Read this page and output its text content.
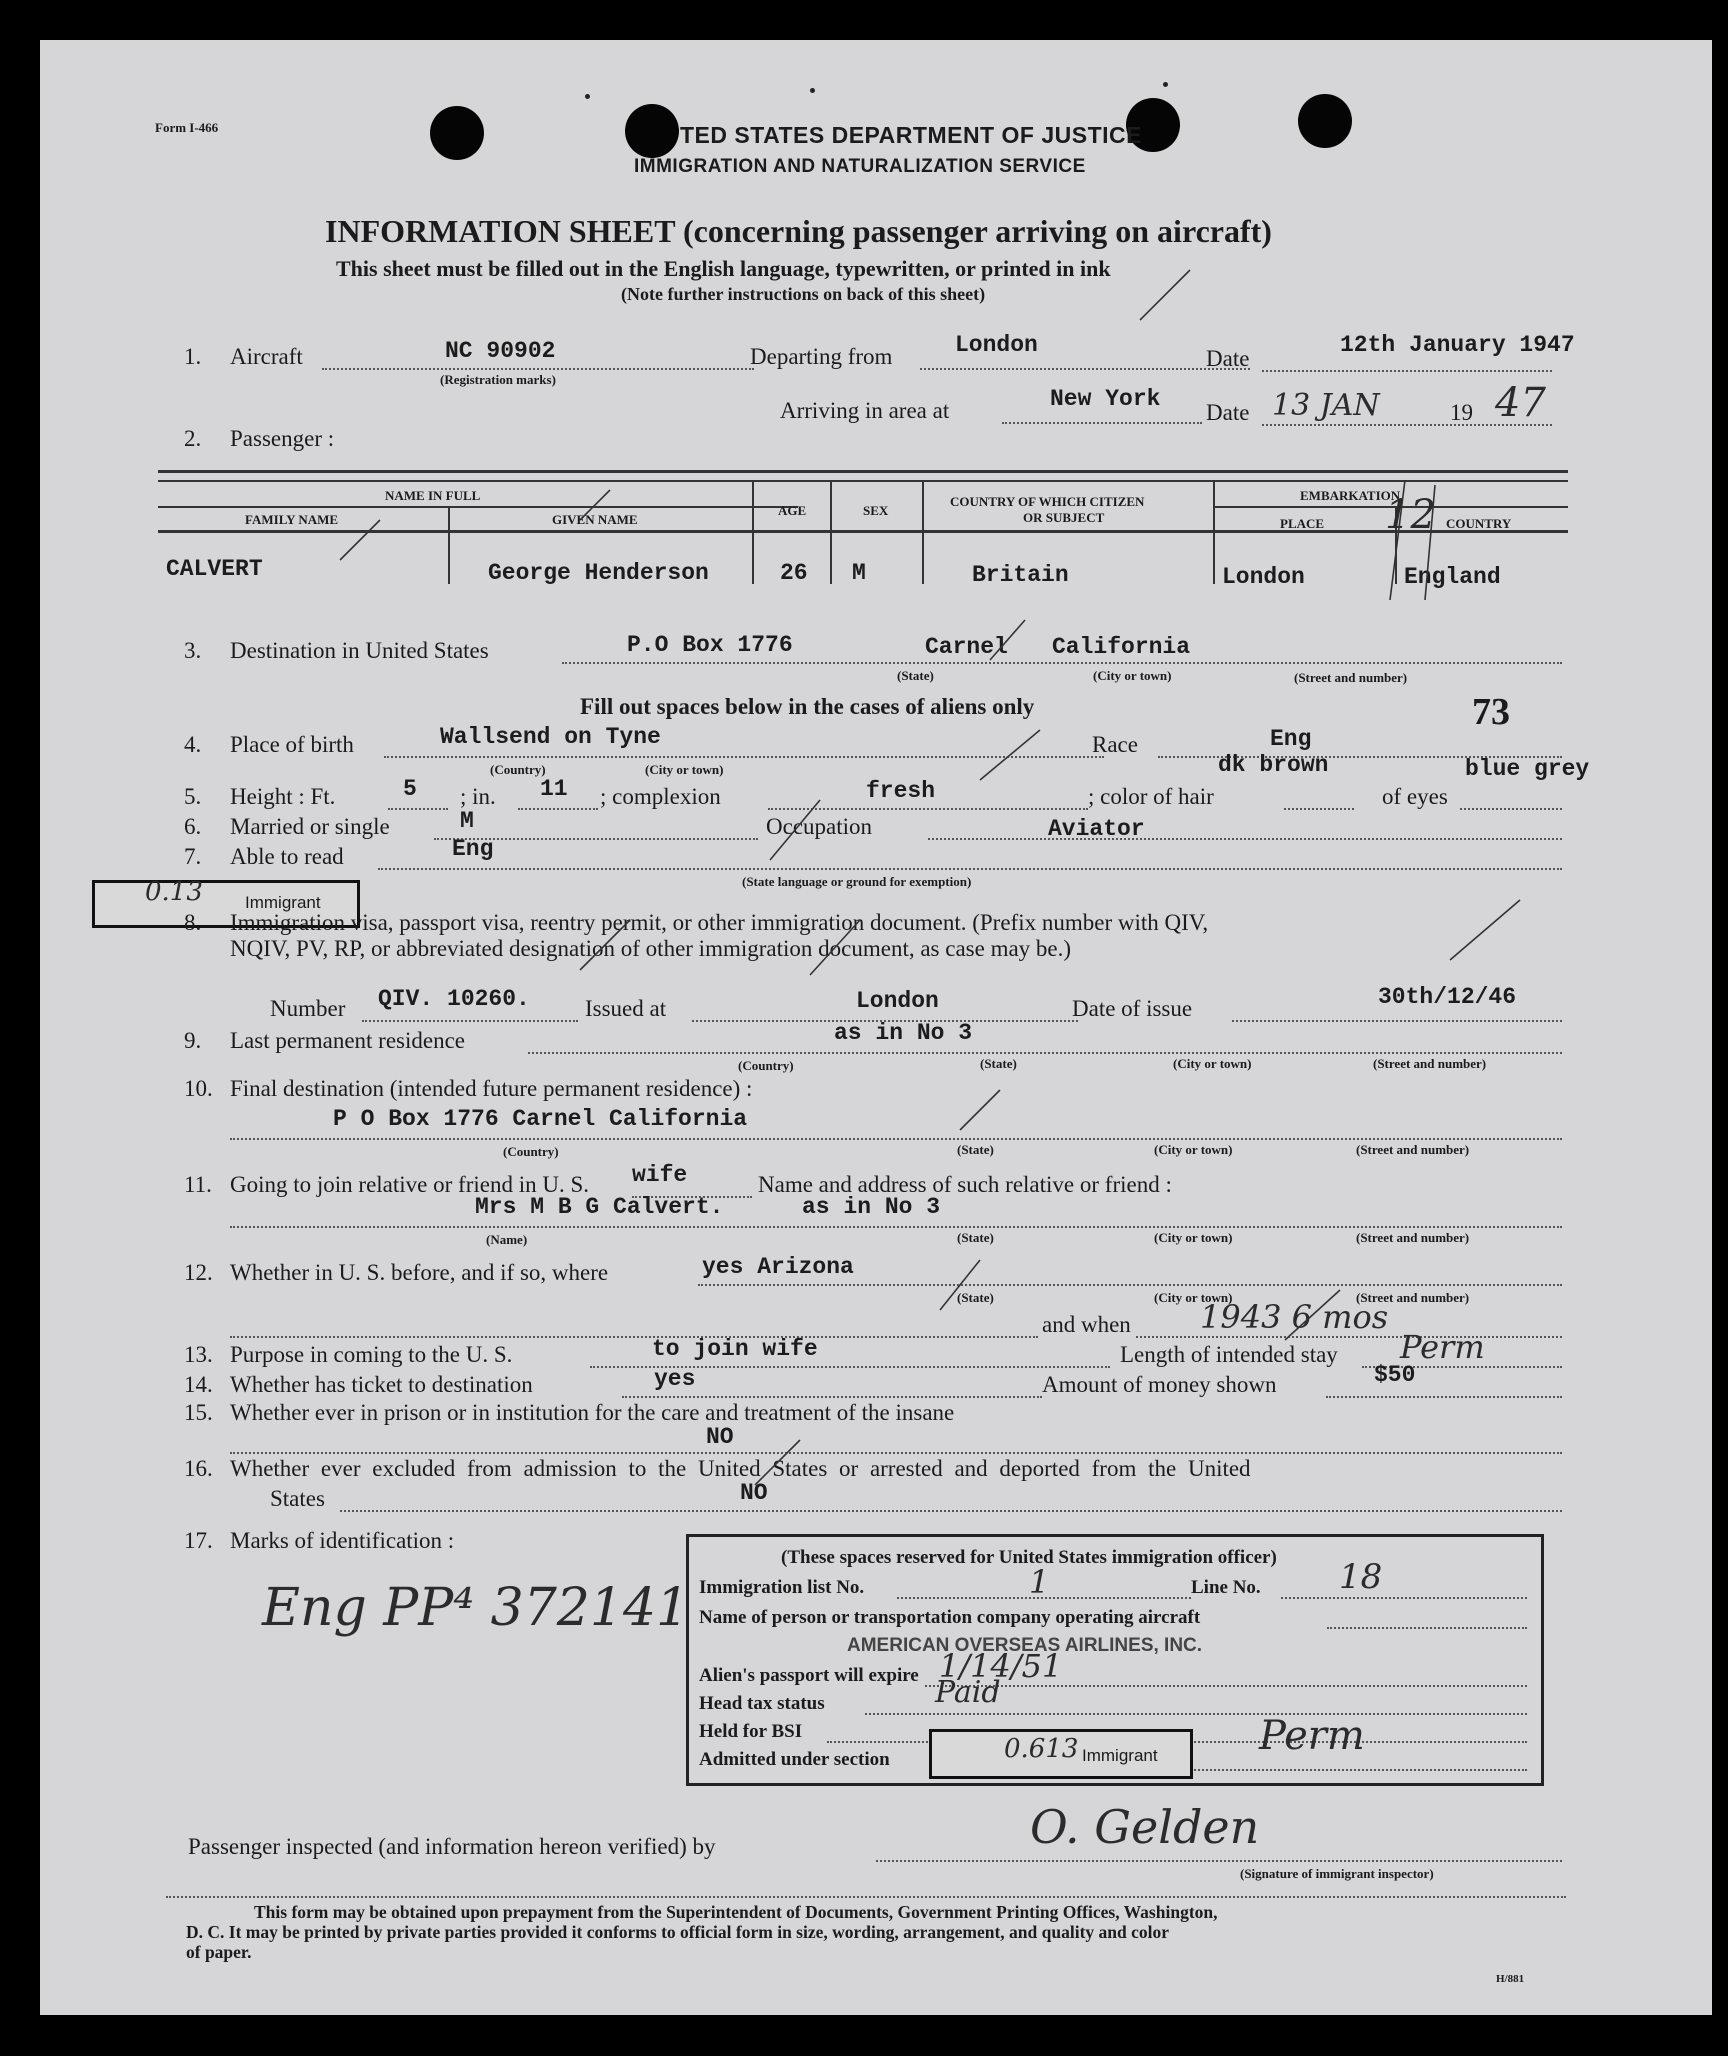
Form I-466	TED STATES DEPARTMENT OF JUSTICE
IMMIGRATION AND NATURALIZATION SERVICE
INFORMATION SHEET (concerning passenger arriving on aircraft)
This sheet must be filled out in the English language, typewritten, or printed in ink
(Note further instructions on back of this sheet)
1. Aircraft	NC 90902
(Registration marks)
Departing from	London
Date
12th January 1947
Arriving in area at	New York
Date 13 JAN	19 47
2. Passenger :
NAME IN FULL
FAMILY NAME	GIVEN NAME
AGE	SEX
COUNTRY OF WHICH CITIZEN
OR SUBJECT
EMBARKATION
PLACE	COUNTRY
CALVERT	George Henderson	26 M	Britain	London	England
12
3. Destination in United States	P.O Box 1776	Carnel California
(State)	(City or town)	(Street and number)
Fill out spaces below in the cases of aliens only	73
4. Place of birth	Wallsend on Tyne
(Country)	(City or town)
Race	Eng
5. Height : Ft.	5 ; in. 11 ; complexion	fresh	; color of hair
dk brown
of eyes
blue grey
6. Married or single	M	Occupation	Aviator
7. Able to read	Eng
(State language or ground for exemption)
0.13 Immigrant
8. Immigration visa, passport visa, reentry permit, or other immigration document. (Prefix number with QIV,
NQIV, PV, RP, or abbreviated designation of other immigration document, as case may be.)
Number QIV. 10260. Issued at	London	Date of issue	30th/12/46
9. Last permanent residence	as in No 3
(Country)	(State)	(City or town)	(Street and number)
10. Final destination (intended future permanent residence) :
P O Box 1776 Carnel California
(Country)	(State)	(City or town)	(Street and number)
11. Going to join relative or friend in U. S. wife	Name and address of such relative or friend :
Mrs M B G Calvert.	as in No 3
(Name)	(State)	(City or town)	(Street and number)
12. Whether in U. S. before, and if so, where	yes Arizona
(State)	(City or town)	(Street and number)
and when 1943 6 mos
13. Purpose in coming to the U. S.	to join wife	Length of intended stay Perm
14. Whether has ticket to destination	yes	Amount of money shown	$50
15. Whether ever in prison or in institution for the care and treatment of the insane
NO
16. Whether ever excluded from admission to the United States or arrested and deported from the United
States	NO
17. Marks of identification :
Eng PP⁴ 372141
(These spaces reserved for United States immigration officer)
Immigration list No.	1	Line No. 18
Name of person or transportation company operating aircraft
AMERICAN OVERSEAS AIRLINES, INC.
Alien's passport will expire 1/14/51
Head tax status	Paid
Held for BSI
Admitted under section	0.613 Immigrant	Perm
Passenger inspected (and information hereon verified) by	O. Gelden
(Signature of immigrant inspector)
This form may be obtained upon prepayment from the Superintendent of Documents, Government Printing Offices, Washington,
D. C. It may be printed by private parties provided it conforms to official form in size, wording, arrangement, and quality and color
of paper.
H/881
